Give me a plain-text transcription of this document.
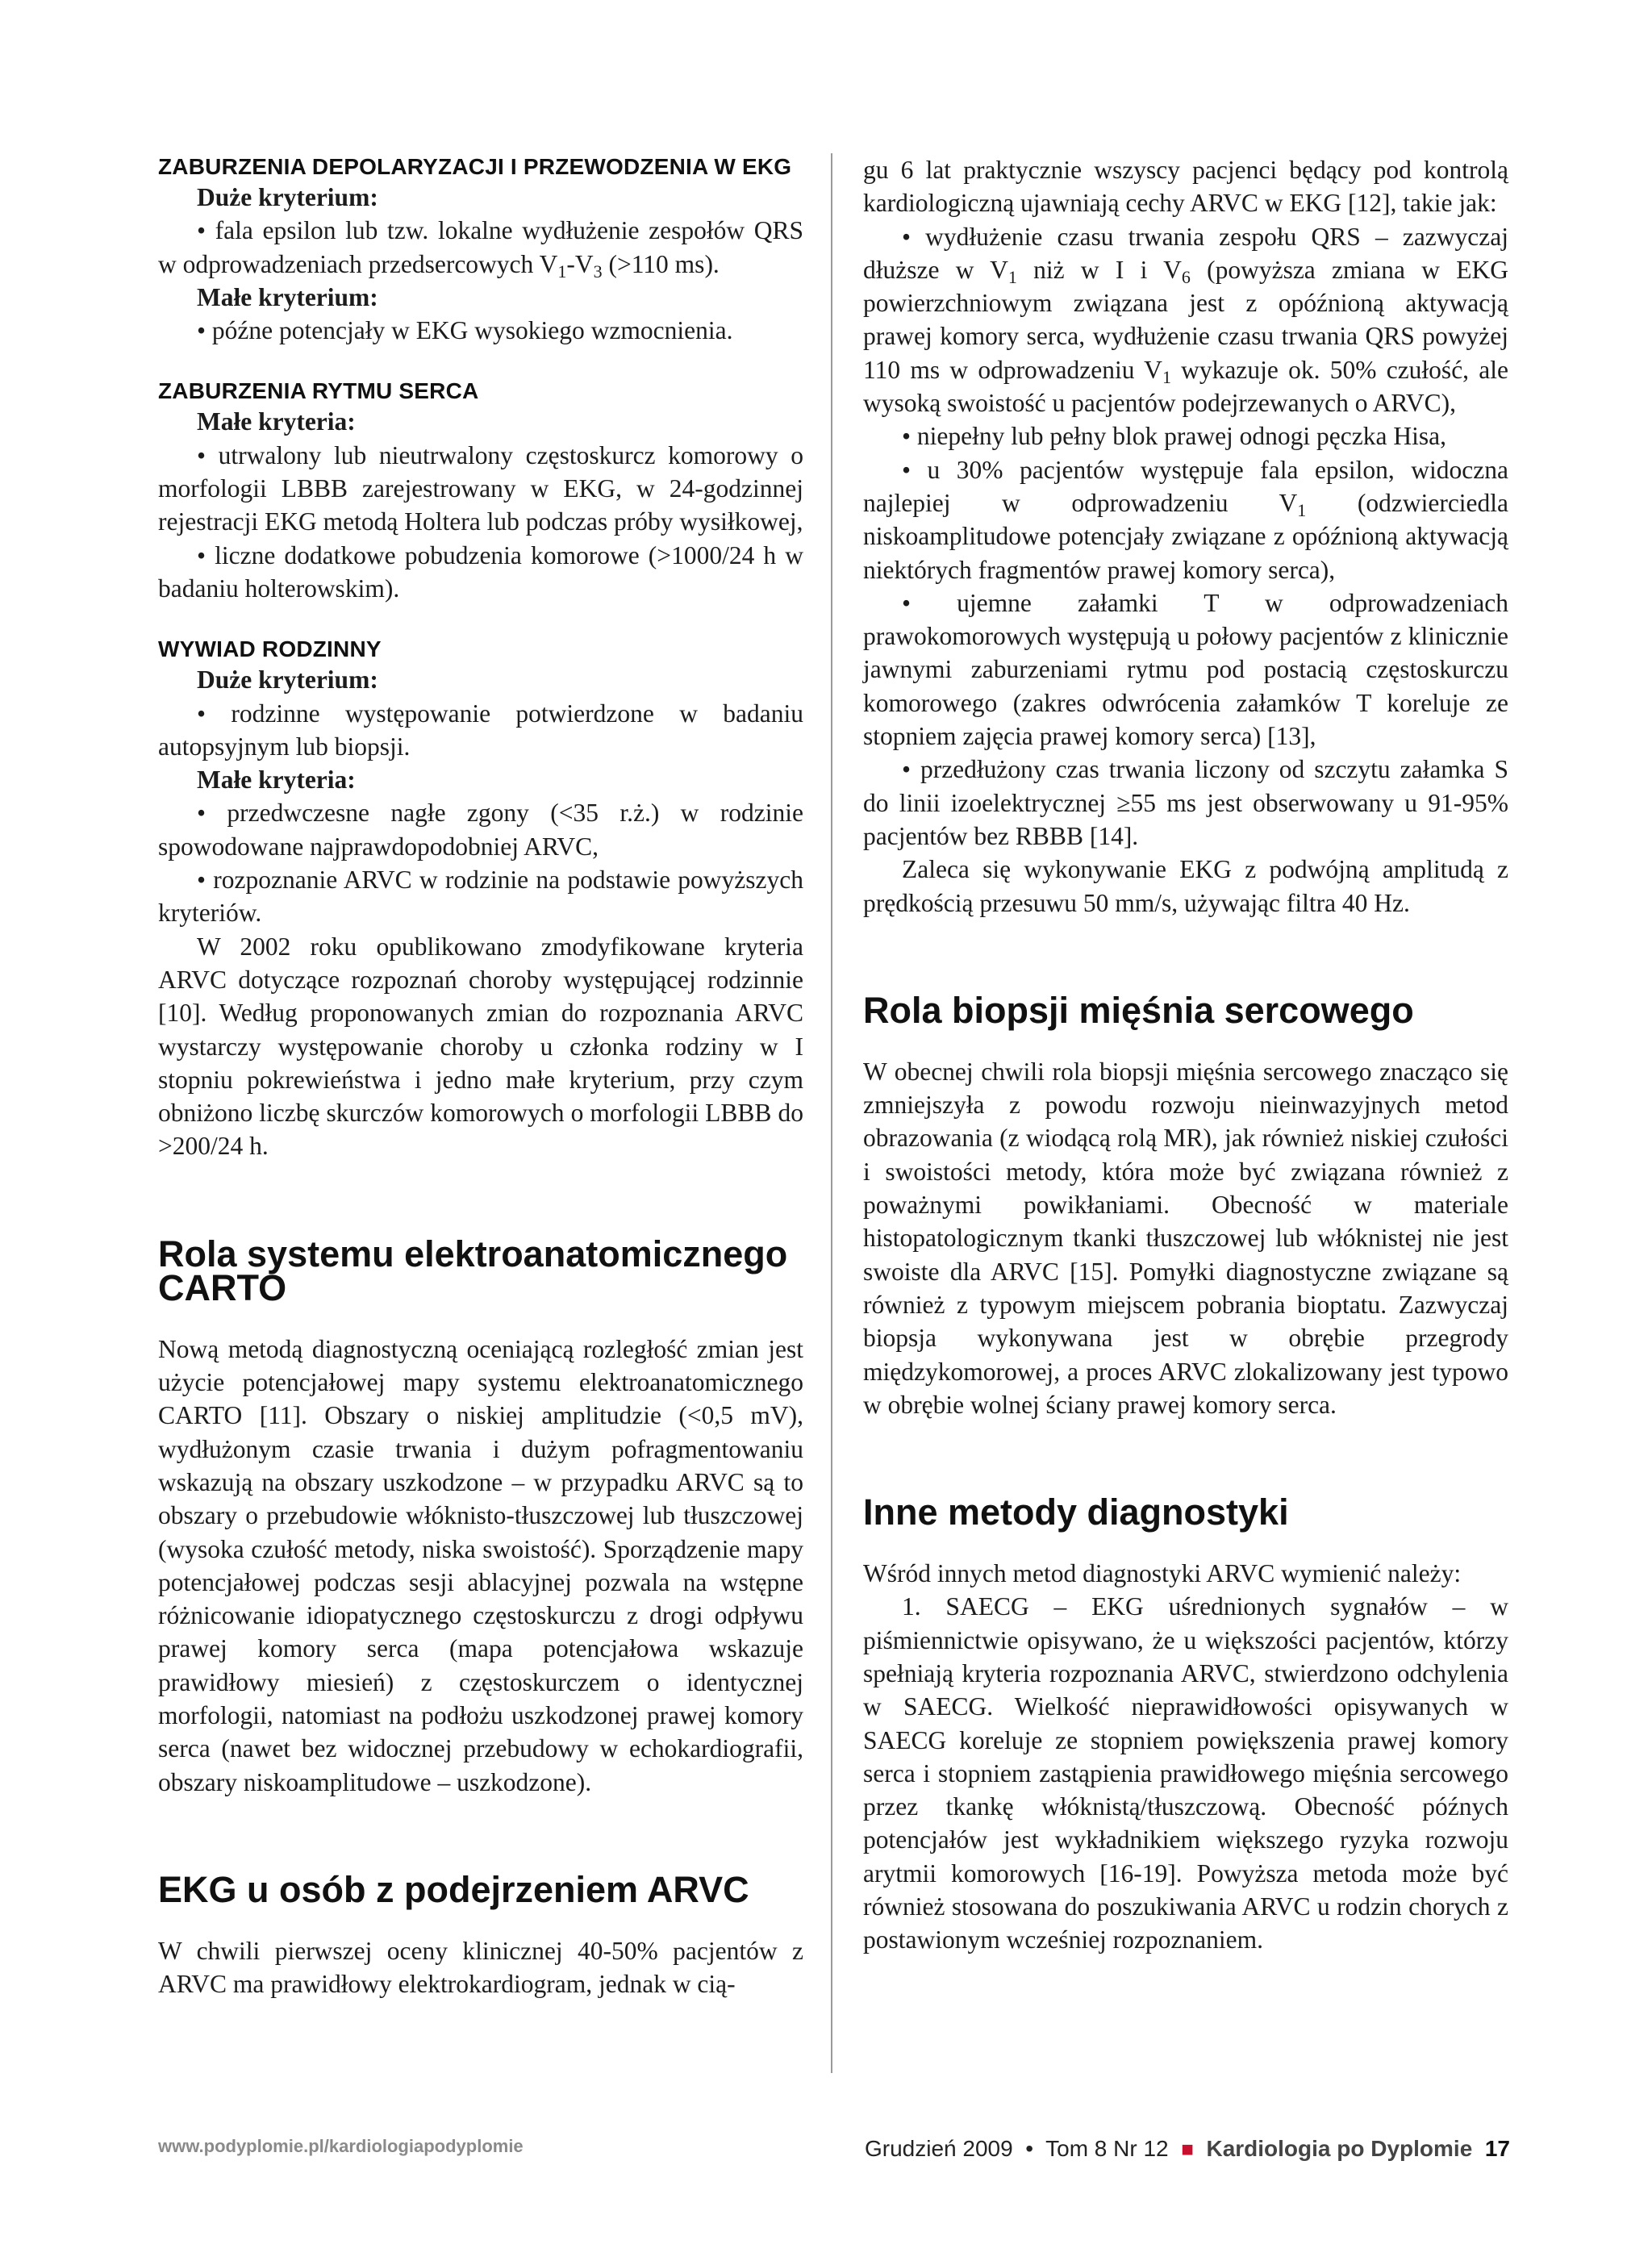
ZABURZENIA DEPOLARYZACJI I PRZEWODZENIA W EKG

Duże kryterium:

• fala epsilon lub tzw. lokalne wydłużenie zespołów QRS w odprowadzeniach przedsercowych $V_1-V_3$ (>110 ms).

Małe kryterium:

• późne potencjały w EKG wysokiego wzmocnienia.

ZABURZENIA RYTMU SERCA

Małe kryteria:

• utrwalony lub nieutrwalony częstoskurcz komorowy o morfologii LBBB zarejestrowany w EKG, w 24-godzinnej rejestracji EKG metodą Holtera lub podczas próby wysiłkowej,

• liczne dodatkowe pobudzenia komorowe (>1000/24 h w badaniu holterowskim).

WYWIAD RODZINNY

Duże kryterium:

• rodzinne występowanie potwierdzone w badaniu autopsyjnym lub biopsji.

Małe kryteria:

• przedwczesne nagłe zgony (<35 r.ż.) w rodzinie spowodowane najprawdopodobniej ARVC,

• rozpoznanie ARVC w rodzinie na podstawie powyższych kryteriów.

W 2002 roku opublikowano zmodyfikowane kryteria ARVC dotyczące rozpoznań choroby występującej rodzinnie [10]. Według proponowanych zmian do rozpoznania ARVC wystarczy występowanie choroby u członka rodziny w I stopniu pokrewieństwa i jedno małe kryterium, przy czym obniżono liczbę skurczów komorowych o morfologii LBBB do >200/24 h.

Rola systemu elektroanatomicznego CARTO

Nową metodą diagnostyczną oceniającą rozległość zmian jest użycie potencjałowej mapy systemu elektroanatomicznego CARTO [11]. Obszary o niskiej amplitudzie (<0,5 mV), wydłużonym czasie trwania i dużym pofragmentowaniu wskazują na obszary uszkodzone – w przypadku ARVC są to obszary o przebudowie włóknisto-tłuszczowej lub tłuszczowej (wysoka czułość metody, niska swoistość). Sporządzenie mapy potencjałowej podczas sesji ablacyjnej pozwala na wstępne różnicowanie idiopatycznego częstoskurczu z drogi odpływu prawej komory serca (mapa potencjałowa wskazuje prawidłowy miesień) z częstoskurczem o identycznej morfologii, natomiast na podłożu uszkodzonej prawej komory serca (nawet bez widocznej przebudowy w echokardiografii, obszary niskoamplitudowe – uszkodzone).

EKG u osób z podejrzeniem ARVC

W chwili pierwszej oceny klinicznej 40-50% pacjentów z ARVC ma prawidłowy elektrokardiogram, jednak w cią-

gu 6 lat praktycznie wszyscy pacjenci będący pod kontrolą kardiologiczną ujawniają cechy ARVC w EKG [12], takie jak:

• wydłużenie czasu trwania zespołu QRS – zazwyczaj dłuższe w $V_1$ niż w I i $V_6$ (powyższa zmiana w EKG powierzchniowym związana jest z opóźnioną aktywacją prawej komory serca, wydłużenie czasu trwania QRS powyżej 110 ms w odprowadzeniu $V_1$ wykazuje ok. 50% czułość, ale wysoką swoistość u pacjentów podejrzewanych o ARVC),

• niepełny lub pełny blok prawej odnogi pęczka Hisa,

• u 30% pacjentów występuje fala epsilon, widoczna najlepiej w odprowadzeniu $V_1$ (odzwierciedla niskoamplitudowe potencjały związane z opóźnioną aktywacją niektórych fragmentów prawej komory serca),

• ujemne załamki T w odprowadzeniach prawokomorowych występują u połowy pacjentów z klinicznie jawnymi zaburzeniami rytmu pod postacią częstoskurczu komorowego (zakres odwrócenia załamków T koreluje ze stopniem zajęcia prawej komory serca) [13],

• przedłużony czas trwania liczony od szczytu załamka S do linii izoelektrycznej ≥55 ms jest obserwowany u 91-95% pacjentów bez RBBB [14].

Zaleca się wykonywanie EKG z podwójną amplitudą z prędkością przesuwu 50 mm/s, używając filtra 40 Hz.

Rola biopsji mięśnia sercowego

W obecnej chwili rola biopsji mięśnia sercowego znacząco się zmniejszyła z powodu rozwoju nieinwazyjnych metod obrazowania (z wiodącą rolą MR), jak również niskiej czułości i swoistości metody, która może być związana również z poważnymi powikłaniami. Obecność w materiale histopatologicznym tkanki tłuszczowej lub włóknistej nie jest swoiste dla ARVC [15]. Pomyłki diagnostyczne związane są również z typowym miejscem pobrania bioptatu. Zazwyczaj biopsja wykonywana jest w obrębie przegrody międzykomorowej, a proces ARVC zlokalizowany jest typowo w obrębie wolnej ściany prawej komory serca.

Inne metody diagnostyki

Wśród innych metod diagnostyki ARVC wymienić należy:

1. SAECG – EKG uśrednionych sygnałów – w piśmiennictwie opisywano, że u większości pacjentów, którzy spełniają kryteria rozpoznania ARVC, stwierdzono odchylenia w SAECG. Wielkość nieprawidłowości opisywanych w SAECG koreluje ze stopniem powiększenia prawej komory serca i stopniem zastąpienia prawidłowego mięśnia sercowego przez tkankę włóknistą/tłuszczową. Obecność późnych potencjałów jest wykładnikiem większego ryzyka rozwoju arytmii komorowych [16-19]. Powyższa metoda może być również stosowana do poszukiwania ARVC u rodzin chorych z postawionym wcześniej rozpoznaniem.

www.podyplomie.pl/kardiologiapodyplomie	Grudzień 2009 • Tom 8 Nr 12 ■ Kardiologia po Dyplomie 17
